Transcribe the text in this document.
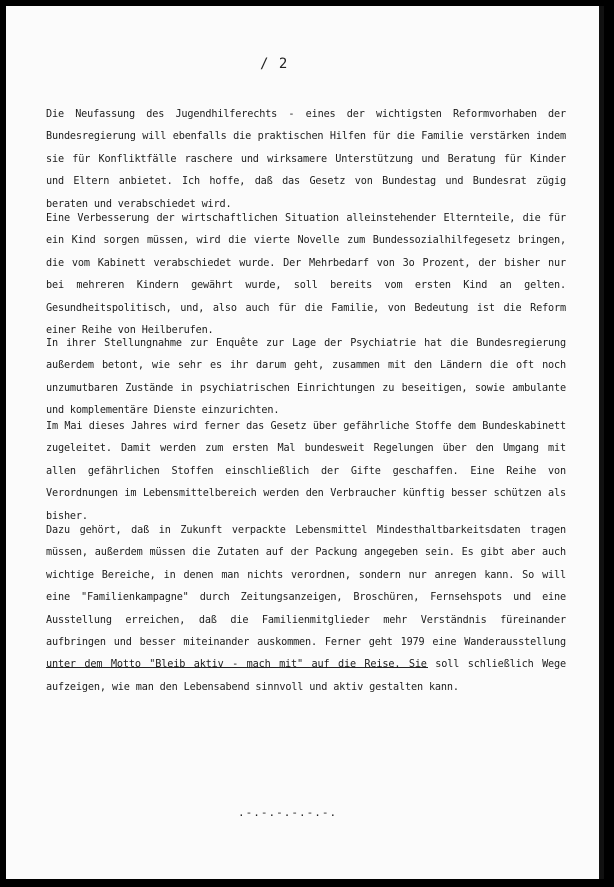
/ 2

Die Neufassung des Jugendhilferechts - eines der wichtigsten Reformvorhaben der Bundesregierung will ebenfalls die praktischen Hilfen für die Familie verstärken indem sie für Konfliktfälle raschere und wirksamere Unterstützung und Beratung für Kinder und Eltern anbietet. Ich hoffe, daß das Gesetz von Bundestag und Bundesrat zügig beraten und verabschiedet wird.

Eine Verbesserung der wirtschaftlichen Situation alleinstehender Elternteile, die für ein Kind sorgen müssen, wird die vierte Novelle zum Bundessozialhilfegesetz bringen, die vom Kabinett verabschiedet wurde. Der Mehrbedarf von 3o Prozent, der bisher nur bei mehreren Kindern gewährt wurde, soll bereits vom ersten Kind an gelten. Gesundheitspolitisch, und, also auch für die Familie, von Bedeutung ist die Reform einer Reihe von Heilberufen.

In ihrer Stellungnahme zur Enquête zur Lage der Psychiatrie hat die Bundesregierung außerdem betont, wie sehr es ihr darum geht, zusammen mit den Ländern die oft noch unzumutbaren Zustände in psychiatrischen Einrichtungen zu beseitigen, sowie ambulante und komplementäre Dienste einzurichten.

Im Mai dieses Jahres wird ferner das Gesetz über gefährliche Stoffe dem Bundeskabinett zugeleitet. Damit werden zum ersten Mal bundesweit Regelungen über den Umgang mit allen gefährlichen Stoffen einschließlich der Gifte geschaffen. Eine Reihe von Verordnungen im Lebensmittelbereich werden den Verbraucher künftig besser schützen als bisher.

Dazu gehört, daß in Zukunft verpackte Lebensmittel Mindesthaltbarkeitsdaten tragen müssen, außerdem müssen die Zutaten auf der Packung angegeben sein. Es gibt aber auch wichtige Bereiche, in denen man nichts verordnen, sondern nur anregen kann. So will eine "Familienkampagne" durch Zeitungsanzeigen, Broschüren, Fernsehspots und eine Ausstellung erreichen, daß die Familienmitglieder mehr Verständnis füreinander aufbringen und besser miteinander auskommen. Ferner geht 1979 eine Wanderausstellung unter dem Motto "Bleib aktiv - mach mit" auf die Reise. Sie soll schließlich Wege aufzeigen, wie man den Lebensabend sinnvoll und aktiv gestalten kann.

.-.-.-.-.-.-.
